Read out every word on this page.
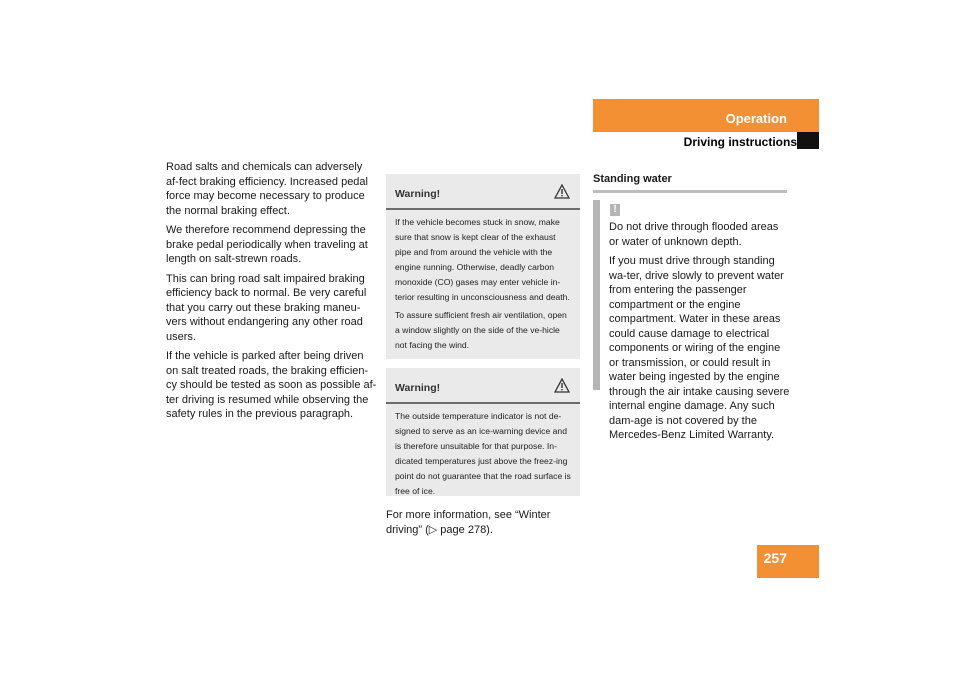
Operation
Driving instructions

Road salts and chemicals can adversely af-fect braking efficiency. Increased pedal force may become necessary to produce the normal braking effect.

We therefore recommend depressing the brake pedal periodically when traveling at length on salt-strewn roads.

This can bring road salt impaired braking efficiency back to normal. Be very careful that you carry out these braking maneu-vers without endangering any other road users.

If the vehicle is parked after being driven on salt treated roads, the braking efficien-cy should be tested as soon as possible af-ter driving is resumed while observing the safety rules in the previous paragraph.

Warning!

If the vehicle becomes stuck in snow, make sure that snow is kept clear of the exhaust pipe and from around the vehicle with the engine running. Otherwise, deadly carbon monoxide (CO) gases may enter vehicle in-terior resulting in unconsciousness and death.

To assure sufficient fresh air ventilation, open a window slightly on the side of the ve-hicle not facing the wind.

Warning!

The outside temperature indicator is not de-signed to serve as an ice-warning device and is therefore unsuitable for that purpose. In-dicated temperatures just above the freez-ing point do not guarantee that the road surface is free of ice.

For more information, see “Winter driving” (▷ page 278).
Standing water
!

Do not drive through flooded areas or water of unknown depth.

If you must drive through standing wa-ter, drive slowly to prevent water from entering the passenger compartment or the engine compartment. Water in these areas could cause damage to electrical components or wiring of the engine or transmission, or could result in water being ingested by the engine through the air intake causing severe internal engine damage. Any such dam-age is not covered by the Mercedes-Benz Limited Warranty.

257
